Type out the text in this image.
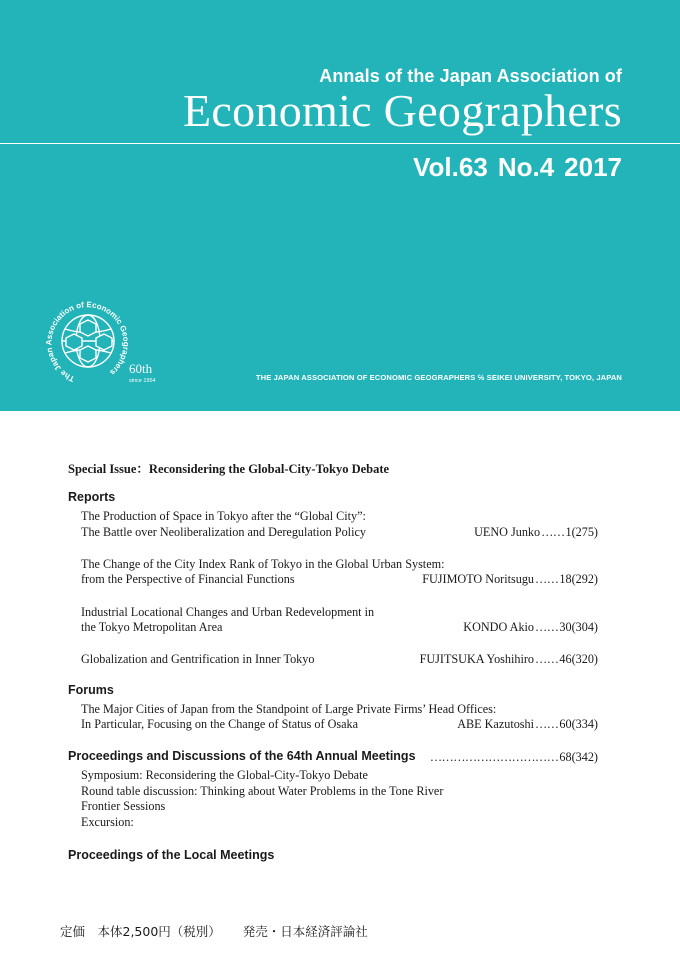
Annals of the Japan Association of
Economic Geographers
Vol.63 No.4 2017
The Japan Association of Economic Geographers 60th
since 1954	THE JAPAN ASSOCIATION OF ECONOMIC GEOGRAPHERS ℅ SEIKEI UNIVERSITY, TOKYO, JAPAN
Special Issue：Reconsidering the Global-City-Tokyo Debate
Reports
The Production of Space in Tokyo after the “Global City”:
The Battle over Neoliberalization and Deregulation Policy	UENO Junko……1(275)
The Change of the City Index Rank of Tokyo in the Global Urban System:
from the Perspective of Financial Functions	FUJIMOTO Noritsugu……18(292)
Industrial Locational Changes and Urban Redevelopment in
the Tokyo Metropolitan Area	KONDO Akio……30(304)
Globalization and Gentrification in Inner Tokyo	FUJITSUKA Yoshihiro……46(320)
Forums
The Major Cities of Japan from the Standpoint of Large Private Firms’ Head Offices:
In Particular, Focusing on the Change of Status of Osaka	ABE Kazutoshi……60(334)
Proceedings and Discussions of the 64th Annual Meetings ……………………………68(342)
Symposium: Reconsidering the Global-City-Tokyo Debate
Round table discussion: Thinking about Water Problems in the Tone River
Frontier Sessions
Excursion:
Proceedings of the Local Meetings
定価　本体2,500円（税別） 発売・日本経済評論社
